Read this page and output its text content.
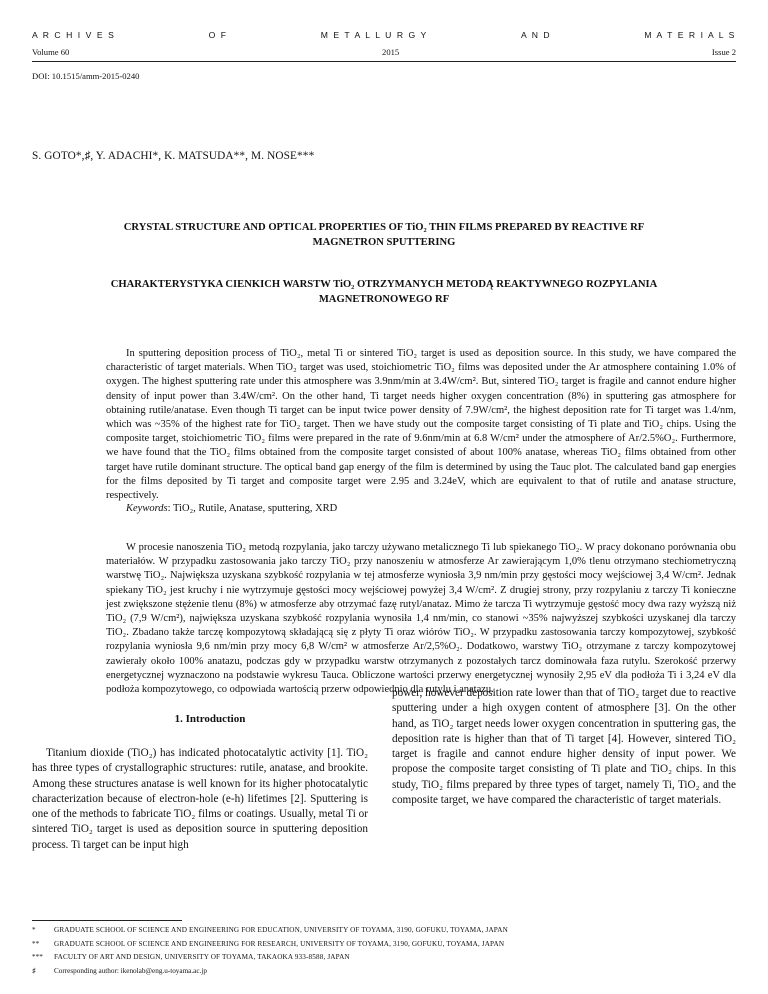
A R C H I V E S	O F	M E T A L L U R G Y	A N D	M A T E R I A L S
Volume 60	2015	Issue 2
DOI: 10.1515/amm-2015-0240
S. GOTO*,♯, Y. ADACHI*, K. MATSUDA**, M. NOSE***
CRYSTAL STRUCTURE AND OPTICAL PROPERTIES OF TiO₂ THIN FILMS PREPARED BY REACTIVE RF MAGNETRON SPUTTERING
CHARAKTERYSTYKA CIENKICH WARSTW TiO₂ OTRZYMANYCH METODĄ REAKTYWNEGO ROZPYLANIA MAGNETRONOWEGO RF

In sputtering deposition process of TiO₂, metal Ti or sintered TiO₂ target is used as deposition source. In this study, we have compared the characteristic of target materials. When TiO₂ target was used, stoichiometric TiO₂ films was deposited under the Ar atmosphere containing 1.0% of oxygen. The highest sputtering rate under this atmosphere was 3.9nm/min at 3.4W/cm². But, sintered TiO₂ target is fragile and cannot endure higher density of input power than 3.4W/cm². On the other hand, Ti target needs higher oxygen concentration (8%) in sputtering gas atmosphere for obtaining rutile/anatase. Even though Ti target can be input twice power density of 7.9W/cm², the highest deposition rate for Ti target was 1.4/nm, which was ~35% of the highest rate for TiO₂ target. Then we have study out the composite target consisting of Ti plate and TiO₂ chips. Using the composite target, stoichiometric TiO₂ films were prepared in the rate of 9.6nm/min at 6.8 W/cm² under the atmosphere of Ar/2.5%O₂. Furthermore, we have found that the TiO₂ films obtained from the composite target consisted of about 100% anatase, whereas TiO₂ films obtained from other target have rutile dominant structure. The optical band gap energy of the film is determined by using the Tauc plot. The calculated band gap energies for the films deposited by Ti target and composite target were 2.95 and 3.24eV, which are equivalent to that of rutile and anatase structure, respectively.

Keywords: TiO₂, Rutile, Anatase, sputtering, XRD

W procesie nanoszenia TiO₂ metodą rozpylania, jako tarczy używano metalicznego Ti lub spiekanego TiO₂. W pracy dokonano porównania obu materiałów. W przypadku zastosowania jako tarczy TiO₂ przy nanoszeniu w atmosferze Ar zawierającym 1,0% tlenu otrzymano stechiometryczną warstwę TiO₂. Największa uzyskana szybkość rozpylania w tej atmosferze wyniosła 3,9 nm/min przy gęstości mocy wejściowej 3,4 W/cm². Jednak spiekany TiO₂ jest kruchy i nie wytrzymuje gęstości mocy wejściowej powyżej 3,4 W/cm². Z drugiej strony, przy rozpylaniu z tarczy Ti konieczne jest zwiększone stężenie tlenu (8%) w atmosferze aby otrzymać fazę rutyl/anataz. Mimo że tarcza Ti wytrzymuje gęstość mocy dwa razy wyższą niż TiO₂ (7,9 W/cm²), największa uzyskana szybkość rozpylania wynosiła 1,4 nm/min, co stanowi ~35% najwyższej szybkości uzyskanej dla tarczy TiO₂. Zbadano także tarczę kompozytową składającą się z płyty Ti oraz wiórów TiO₂. W przypadku zastosowania tarczy kompozytowej, szybkość rozpylania wyniosła 9,6 nm/min przy mocy 6,8 W/cm² w atmosferze Ar/2,5%O₂. Dodatkowo, warstwy TiO₂ otrzymane z tarczy kompozytowej zawierały około 100% anatazu, podczas gdy w przypadku warstw otrzymanych z pozostałych tarcz dominowała faza rutylu. Szerokość przerwy energetycznej wyznaczono na podstawie wykresu Tauca. Obliczone wartości przerwy energetycznej wynosiły 2,95 eV dla podłoża Ti i 3,24 eV dla podłoża kompozytowego, co odpowiada wartością przerw odpowiednio dla rutylu i anatazu.

1. Introduction

Titanium dioxide (TiO₂) has indicated photocatalytic activity [1]. TiO₂ has three types of crystallographic structures: rutile, anatase, and brookite. Among these structures anatase is well known for its higher photocatalytic characterization because of electron-hole (e-h) lifetimes [2]. Sputtering is one of the methods to fabricate TiO₂ films or coatings. Usually, metal Ti or sintered TiO₂ target is used as deposition source in sputtering deposition process. Ti target can be input high

power, however deposition rate lower than that of TiO₂ target due to reactive sputtering under a high oxygen content of atmosphere [3]. On the other hand, as TiO₂ target needs lower oxygen concentration in sputtering gas, the deposition rate is higher than that of Ti target [4]. However, sintered TiO₂ target is fragile and cannot endure higher density of input power. We propose the composite target consisting of Ti plate and TiO₂ chips. In this study, TiO₂ films prepared by three types of target, namely Ti, TiO₂ and the composite target, we have compared the characteristic of target materials.

*	GRADUATE SCHOOL OF SCIENCE AND ENGINEERING FOR EDUCATION, UNIVERSITY OF TOYAMA, 3190, GOFUKU, TOYAMA, JAPAN
**	GRADUATE SCHOOL OF SCIENCE AND ENGINEERING FOR RESEARCH, UNIVERSITY OF TOYAMA, 3190, GOFUKU, TOYAMA, JAPAN
***	FACULTY OF ART AND DESIGN, UNIVERSITY OF TOYAMA, TAKAOKA 933-8588, JAPAN
♯	Corresponding author: ikenolab@eng.u-toyama.ac.jp
